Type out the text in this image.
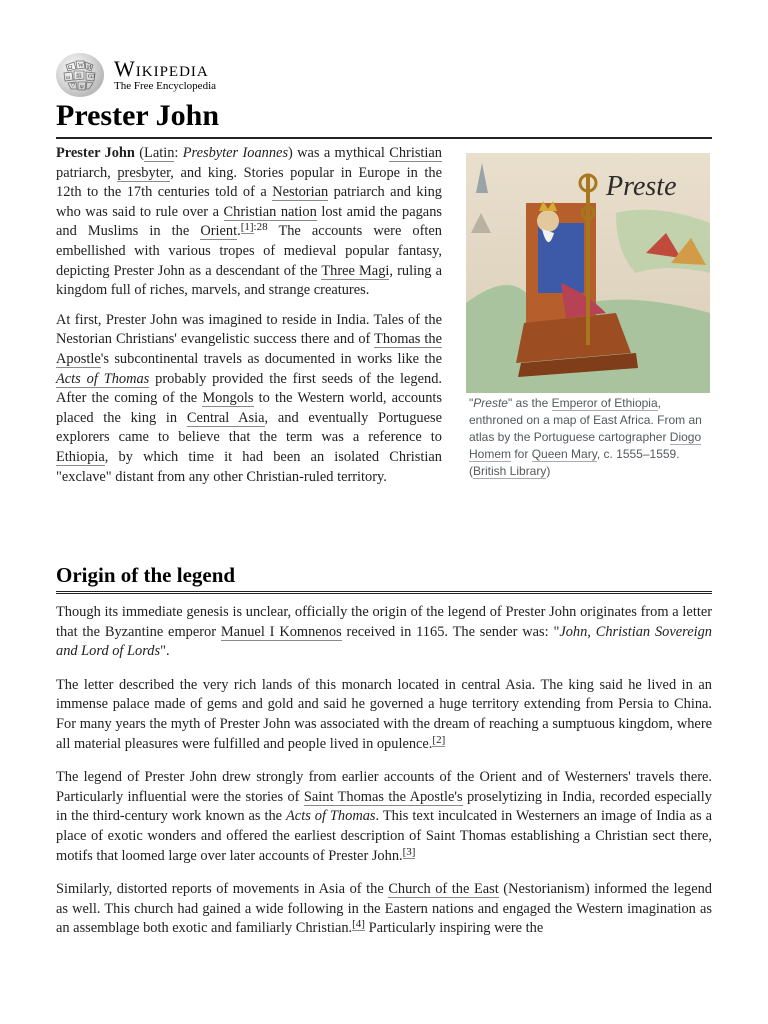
Ω W И
ω 維 Ѡ
ウ ψ
Wikipedia
The Free Encyclopedia
Prester John

Prester John (Latin: Presbyter Ioannes) was a mythical Christian patriarch, presbyter, and king. Stories popular in Europe in the 12th to the 17th centuries told of a Nestorian patriarch and king who was said to rule over a Christian nation lost amid the pagans and Muslims in the Orient.$^{[1]:28}$ The accounts were often embellished with various tropes of medieval popular fantasy, depicting Prester John as a descendant of the Three Magi, ruling a kingdom full of riches, marvels, and strange creatures.

At first, Prester John was imagined to reside in India. Tales of the Nestorian Christians' evangelistic success there and of Thomas the Apostle's subcontinental travels as documented in works like the Acts of Thomas probably provided the first seeds of the legend. After the coming of the Mongols to the Western world, accounts placed the king in Central Asia, and eventually Portuguese explorers came to believe that the term was a reference to Ethiopia, by which time it had been an isolated Christian "exclave" distant from any other Christian-ruled territory.

Preste
"Preste" as the Emperor of Ethiopia, enthroned on a map of East Africa. From an atlas by the Portuguese cartographer Diogo Homem for Queen Mary, c. 1555–1559. (British Library)
Origin of the legend

Though its immediate genesis is unclear, officially the origin of the legend of Prester John originates from a letter that the Byzantine emperor Manuel I Komnenos received in 1165. The sender was: "John, Christian Sovereign and Lord of Lords".

The letter described the very rich lands of this monarch located in central Asia. The king said he lived in an immense palace made of gems and gold and said he governed a huge territory extending from Persia to China. For many years the myth of Prester John was associated with the dream of reaching a sumptuous kingdom, where all material pleasures were fulfilled and people lived in opulence.[2]

The legend of Prester John drew strongly from earlier accounts of the Orient and of Westerners' travels there. Particularly influential were the stories of Saint Thomas the Apostle's proselytizing in India, recorded especially in the third-century work known as the Acts of Thomas. This text inculcated in Westerners an image of India as a place of exotic wonders and offered the earliest description of Saint Thomas establishing a Christian sect there, motifs that loomed large over later accounts of Prester John.[3]

Similarly, distorted reports of movements in Asia of the Church of the East (Nestorianism) informed the legend as well. This church had gained a wide following in the Eastern nations and engaged the Western imagination as an assemblage both exotic and familiarly Christian.[4] Particularly inspiring were the
